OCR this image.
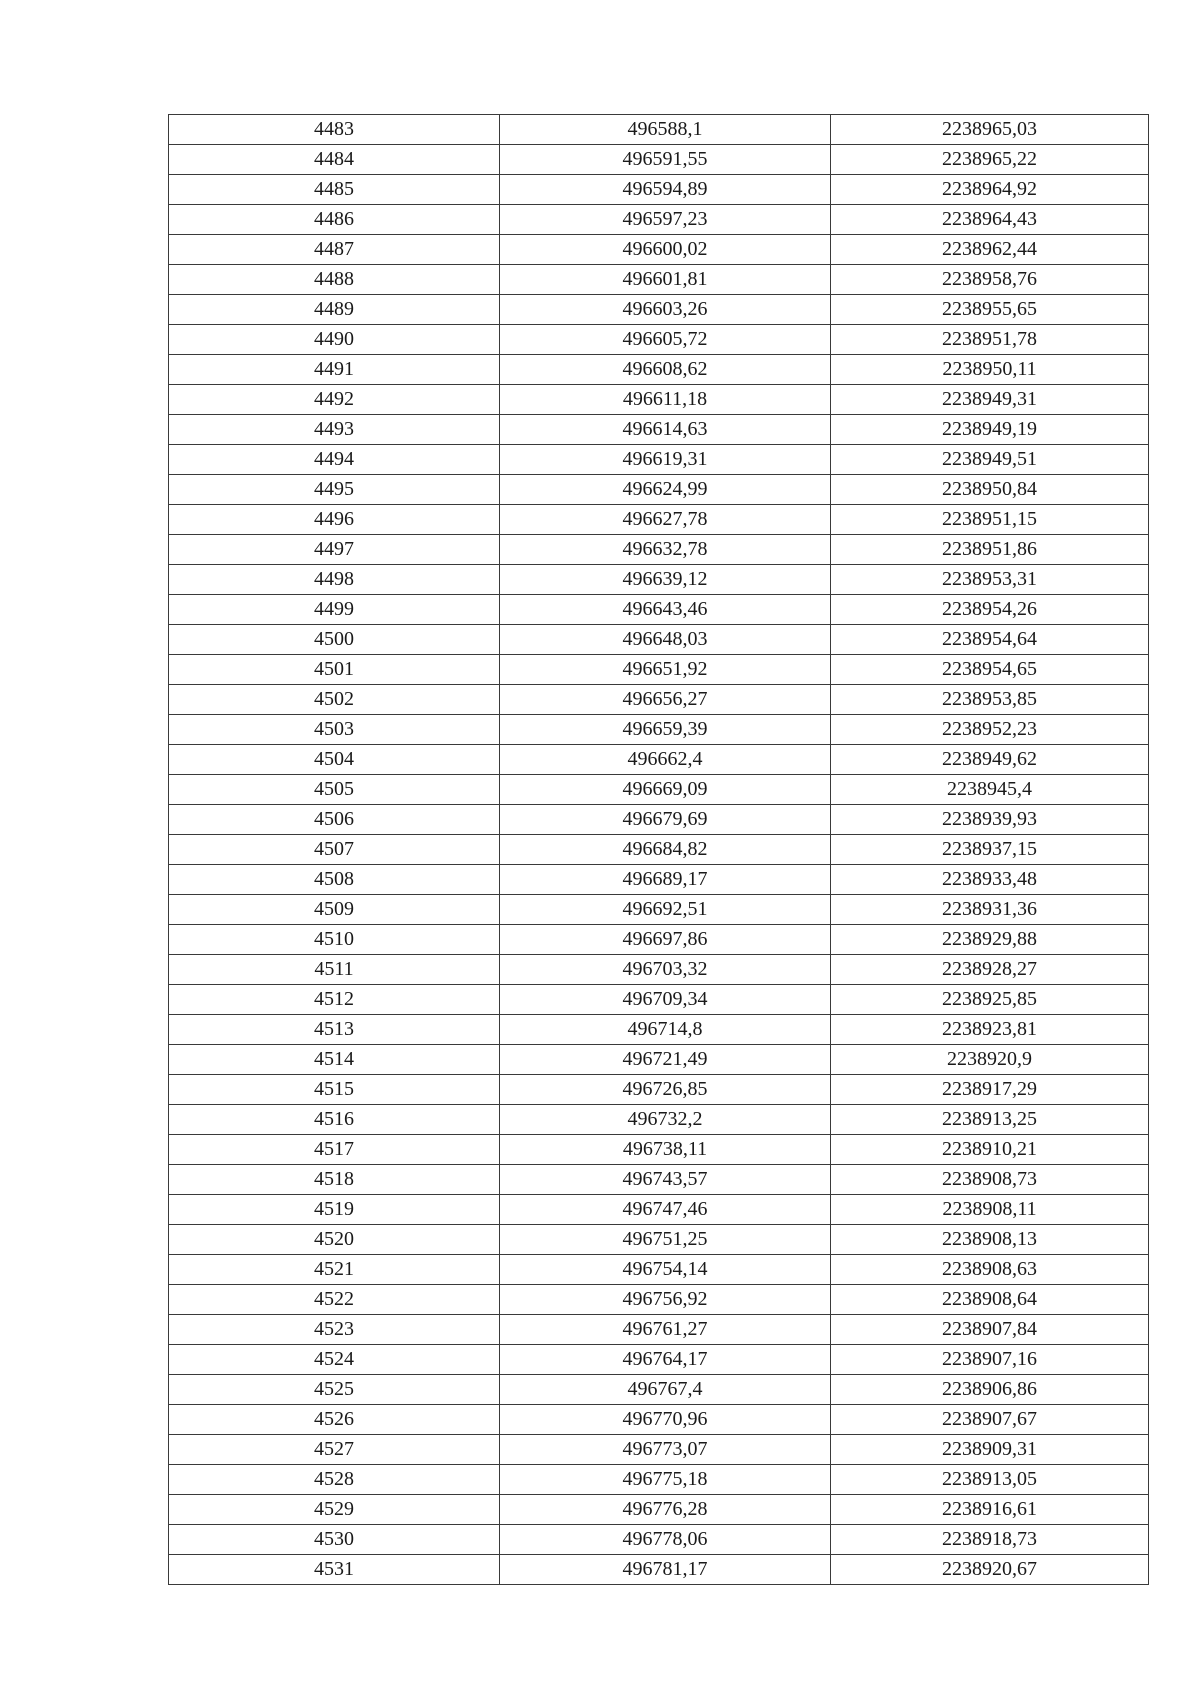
4483	496588,1	2238965,03
4484	496591,55	2238965,22
4485	496594,89	2238964,92
4486	496597,23	2238964,43
4487	496600,02	2238962,44
4488	496601,81	2238958,76
4489	496603,26	2238955,65
4490	496605,72	2238951,78
4491	496608,62	2238950,11
4492	496611,18	2238949,31
4493	496614,63	2238949,19
4494	496619,31	2238949,51
4495	496624,99	2238950,84
4496	496627,78	2238951,15
4497	496632,78	2238951,86
4498	496639,12	2238953,31
4499	496643,46	2238954,26
4500	496648,03	2238954,64
4501	496651,92	2238954,65
4502	496656,27	2238953,85
4503	496659,39	2238952,23
4504	496662,4	2238949,62
4505	496669,09	2238945,4
4506	496679,69	2238939,93
4507	496684,82	2238937,15
4508	496689,17	2238933,48
4509	496692,51	2238931,36
4510	496697,86	2238929,88
4511	496703,32	2238928,27
4512	496709,34	2238925,85
4513	496714,8	2238923,81
4514	496721,49	2238920,9
4515	496726,85	2238917,29
4516	496732,2	2238913,25
4517	496738,11	2238910,21
4518	496743,57	2238908,73
4519	496747,46	2238908,11
4520	496751,25	2238908,13
4521	496754,14	2238908,63
4522	496756,92	2238908,64
4523	496761,27	2238907,84
4524	496764,17	2238907,16
4525	496767,4	2238906,86
4526	496770,96	2238907,67
4527	496773,07	2238909,31
4528	496775,18	2238913,05
4529	496776,28	2238916,61
4530	496778,06	2238918,73
4531	496781,17	2238920,67
